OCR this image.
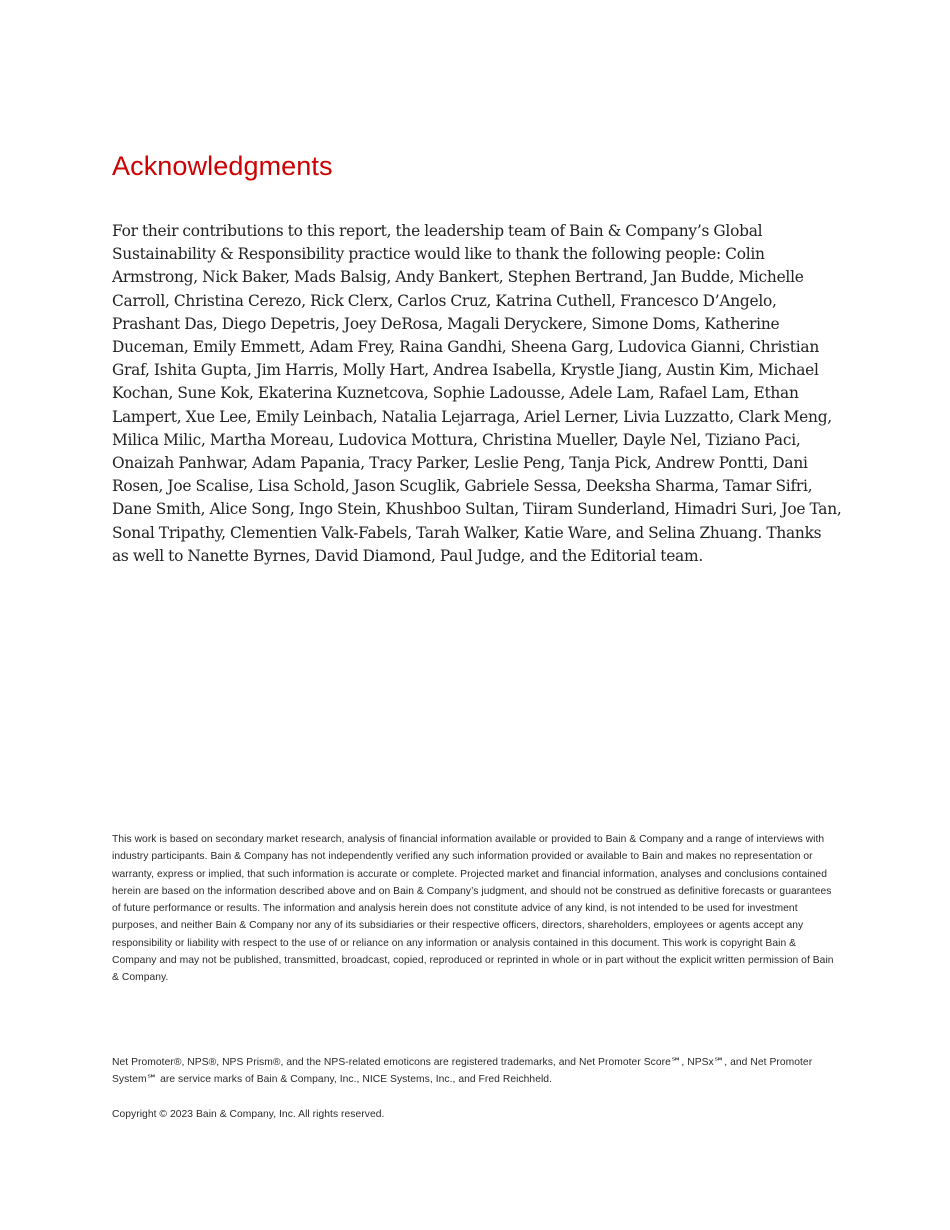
Acknowledgments

For their contributions to this report, the leadership team of Bain & Company’s Global Sustainability & Responsibility practice would like to thank the following people: Colin Armstrong, Nick Baker, Mads Balsig, Andy Bankert, Stephen Bertrand, Jan Budde, Michelle Carroll, Christina Cerezo, Rick Clerx, Carlos Cruz, Katrina Cuthell, Francesco D’Angelo, Prashant Das, Diego Depetris, Joey DeRosa, Magali Deryckere, Simone Doms, Katherine Duceman, Emily Emmett, Adam Frey, Raina Gandhi, Sheena Garg, Ludovica Gianni, Christian Graf, Ishita Gupta, Jim Harris, Molly Hart, Andrea Isabella, Krystle Jiang, Austin Kim, Michael Kochan, Sune Kok, Ekaterina Kuznetcova, Sophie Ladousse, Adele Lam, Rafael Lam, Ethan Lampert, Xue Lee, Emily Leinbach, Natalia Lejarraga, Ariel Lerner, Livia Luzzatto, Clark Meng, Milica Milic, Martha Moreau, Ludovica Mottura, Christina Mueller, Dayle Nel, Tiziano Paci, Onaizah Panhwar, Adam Papania, Tracy Parker, Leslie Peng, Tanja Pick, Andrew Pontti, Dani Rosen, Joe Scalise, Lisa Schold, Jason Scuglik, Gabriele Sessa, Deeksha Sharma, Tamar Sifri, Dane Smith, Alice Song, Ingo Stein, Khushboo Sultan, Tiiram Sunderland, Himadri Suri, Joe Tan, Sonal Tripathy, Clementien Valk-Fabels, Tarah Walker, Katie Ware, and Selina Zhuang. Thanks as well to Nanette Byrnes, David Diamond, Paul Judge, and the Editorial team.

This work is based on secondary market research, analysis of financial information available or provided to Bain & Company and a range of interviews with industry participants. Bain & Company has not independently verified any such information provided or available to Bain and makes no representation or warranty, express or implied, that such information is accurate or complete. Projected market and financial information, analyses and conclusions contained herein are based on the information described above and on Bain & Company’s judgment, and should not be construed as definitive forecasts or guarantees of future performance or results. The information and analysis herein does not constitute advice of any kind, is not intended to be used for investment purposes, and neither Bain & Company nor any of its subsidiaries or their respective officers, directors, shareholders, employees or agents accept any responsibility or liability with respect to the use of or reliance on any information or analysis contained in this document. This work is copyright Bain & Company and may not be published, transmitted, broadcast, copied, reproduced or reprinted in whole or in part without the explicit written permission of Bain & Company.

Net Promoter®, NPS®, NPS Prism®, and the NPS-related emoticons are registered trademarks, and Net Promoter Score℠, NPSx℠, and Net Promoter System℠ are service marks of Bain & Company, Inc., NICE Systems, Inc., and Fred Reichheld.

Copyright © 2023 Bain & Company, Inc. All rights reserved.
